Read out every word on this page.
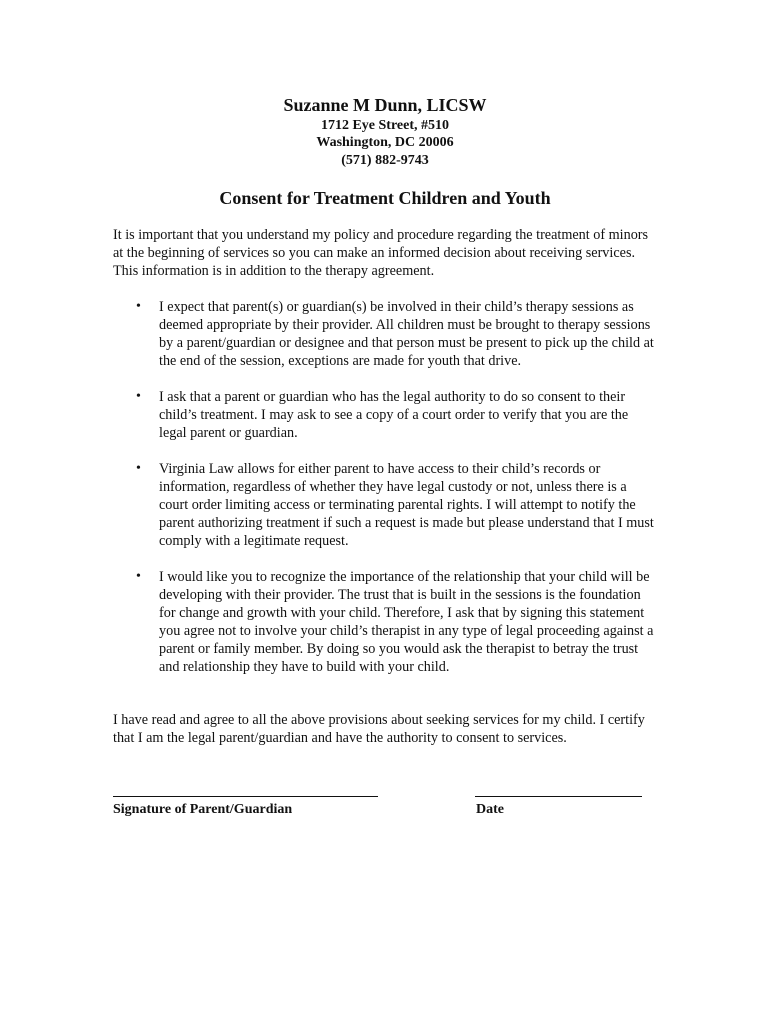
Suzanne M Dunn, LICSW
1712 Eye Street, #510
Washington, DC 20006
(571) 882-9743
Consent for Treatment Children and Youth
It is important that you understand my policy and procedure regarding the treatment of minors at the beginning of services so you can make an informed decision about receiving services. This information is in addition to the therapy agreement.
• I expect that parent(s) or guardian(s) be involved in their child’s therapy sessions as deemed appropriate by their provider. All children must be brought to therapy sessions by a parent/guardian or designee and that person must be present to pick up the child at the end of the session, exceptions are made for youth that drive.
• I ask that a parent or guardian who has the legal authority to do so consent to their child’s treatment. I may ask to see a copy of a court order to verify that you are the legal parent or guardian.
• Virginia Law allows for either parent to have access to their child’s records or information, regardless of whether they have legal custody or not, unless there is a court order limiting access or terminating parental rights. I will attempt to notify the parent authorizing treatment if such a request is made but please understand that I must comply with a legitimate request.
• I would like you to recognize the importance of the relationship that your child will be developing with their provider. The trust that is built in the sessions is the foundation for change and growth with your child. Therefore, I ask that by signing this statement you agree not to involve your child’s therapist in any type of legal proceeding against a parent or family member. By doing so you would ask the therapist to betray the trust and relationship they have to build with your child.
I have read and agree to all the above provisions about seeking services for my child. I certify that I am the legal parent/guardian and have the authority to consent to services.
Signature of Parent/Guardian	Date
